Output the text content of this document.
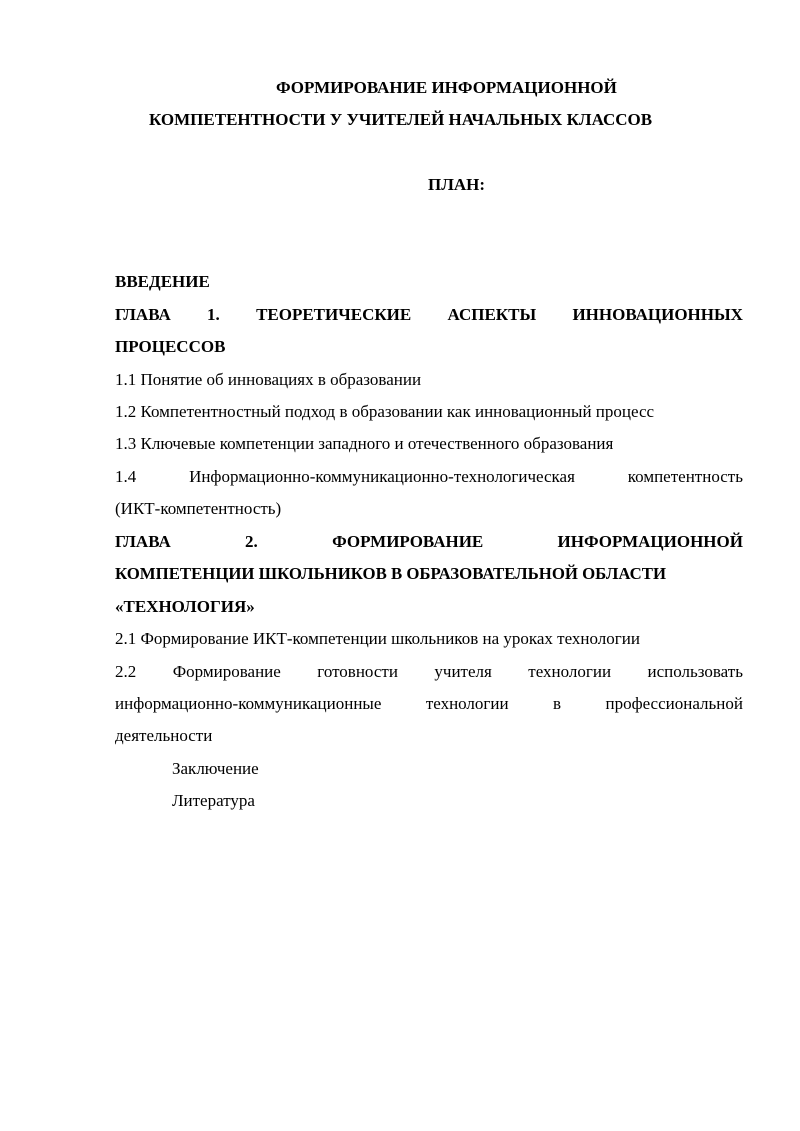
ФОРМИРОВАНИЕ ИНФОРМАЦИОННОЙ
КОМПЕТЕНТНОСТИ У УЧИТЕЛЕЙ НАЧАЛЬНЫХ КЛАССОВ
ПЛАН:
ВВЕДЕНИЕ
ГЛАВА 1. ТЕОРЕТИЧЕСКИЕ АСПЕКТЫ ИННОВАЦИОННЫХ
ПРОЦЕССОВ
1.1 Понятие об инновациях в образовании
1.2 Компетентностный подход в образовании как инновационный процесс
1.3 Ключевые компетенции западного и отечественного образования
1.4	Информационно-коммуникационно-технологическая	компетентность
(ИКТ-компетентность)
ГЛАВА	2.	ФОРМИРОВАНИЕ	ИНФОРМАЦИОННОЙ
КОМПЕТЕНЦИИ ШКОЛЬНИКОВ В ОБРАЗОВАТЕЛЬНОЙ ОБЛАСТИ
«ТЕХНОЛОГИЯ»
2.1 Формирование ИКТ-компетенции школьников на уроках технологии
2.2 Формирование готовности учителя технологии использовать
информационно-коммуникационные	технологии	в	профессиональной
деятельности
Заключение
Литература
